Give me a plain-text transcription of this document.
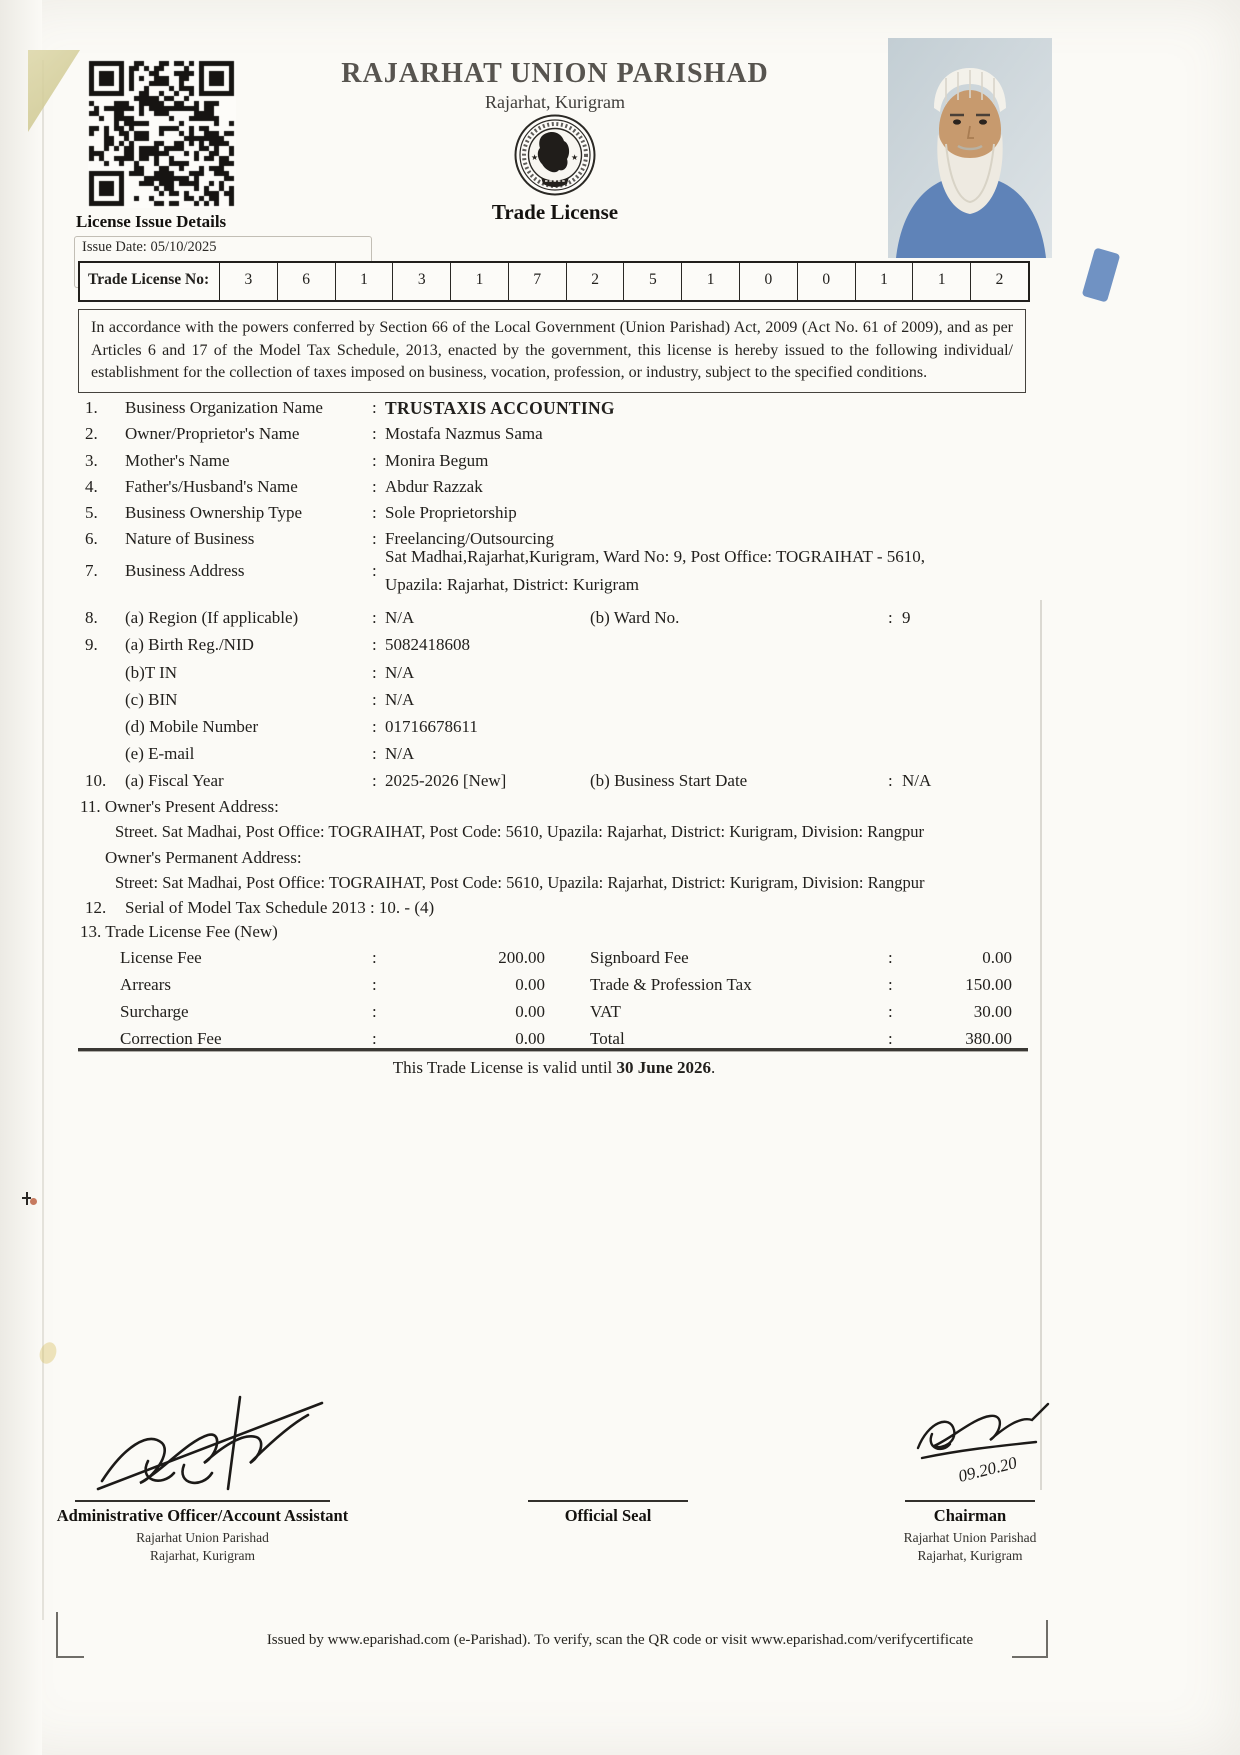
RAJARHAT UNION PARISHAD
Rajarhat, Kurigram
License Issue Details
Issue Date: 05/10/2025
★	★
Trade License
Trade License No:	3	6	1	3	1	7	2	5	1	0	0	1	1	2
In accordance with the powers conferred by Section 66 of the Local Government (Union Parishad) Act, 2009 (Act No. 61 of 2009), and as per Articles 6 and 17 of the Model Tax Schedule, 2013, enacted by the government, this license is hereby issued to the following individual/ establishment for the collection of taxes imposed on business, vocation, profession, or industry, subject to the specified conditions.
1. Business Organization Name	: TRUSTAXIS ACCOUNTING
2. Owner/Proprietor's Name	: Mostafa Nazmus Sama
3. Mother's Name	: Monira Begum
4. Father's/Husband's Name	: Abdur Razzak
5. Business Ownership Type	: Sole Proprietorship
6. Nature of Business	: Freelancing/Outsourcing
Sat Madhai,Rajarhat,Kurigram, Ward No: 9, Post Office: TOGRAIHAT - 5610,
7. Business Address	:
Upazila: Rajarhat, District: Kurigram
8. (a) Region (If applicable)	: N/A	(b) Ward No.	: 9
9. (a) Birth Reg./NID	: 5082418608
(b)T IN	: N/A
(c) BIN	: N/A
(d) Mobile Number	: 01716678611
(e) E-mail	: N/A
10. (a) Fiscal Year	: 2025-2026 [New]	(b) Business Start Date	: N/A
11. Owner's Present Address:
Street. Sat Madhai, Post Office: TOGRAIHAT, Post Code: 5610, Upazila: Rajarhat, District: Kurigram, Division: Rangpur
Owner's Permanent Address:
Street: Sat Madhai, Post Office: TOGRAIHAT, Post Code: 5610, Upazila: Rajarhat, District: Kurigram, Division: Rangpur
12. Serial of Model Tax Schedule 2013 : 10. - (4)
13. Trade License Fee (New)
License Fee	:	200.00	Signboard Fee	:	0.00
Arrears	:	0.00	Trade & Profession Tax	:	150.00
Surcharge	:	0.00	VAT	:	30.00
Correction Fee	:	0.00	Total	:	380.00
This Trade License is valid until 30 June 2026.
Administrative Officer/Account Assistant
Rajarhat Union Parishad
Rajarhat, Kurigram
Official Seal
09.20.20
Chairman
Rajarhat Union Parishad
Rajarhat, Kurigram
Issued by www.eparishad.com (e-Parishad). To verify, scan the QR code or visit www.eparishad.com/verifycertificate
